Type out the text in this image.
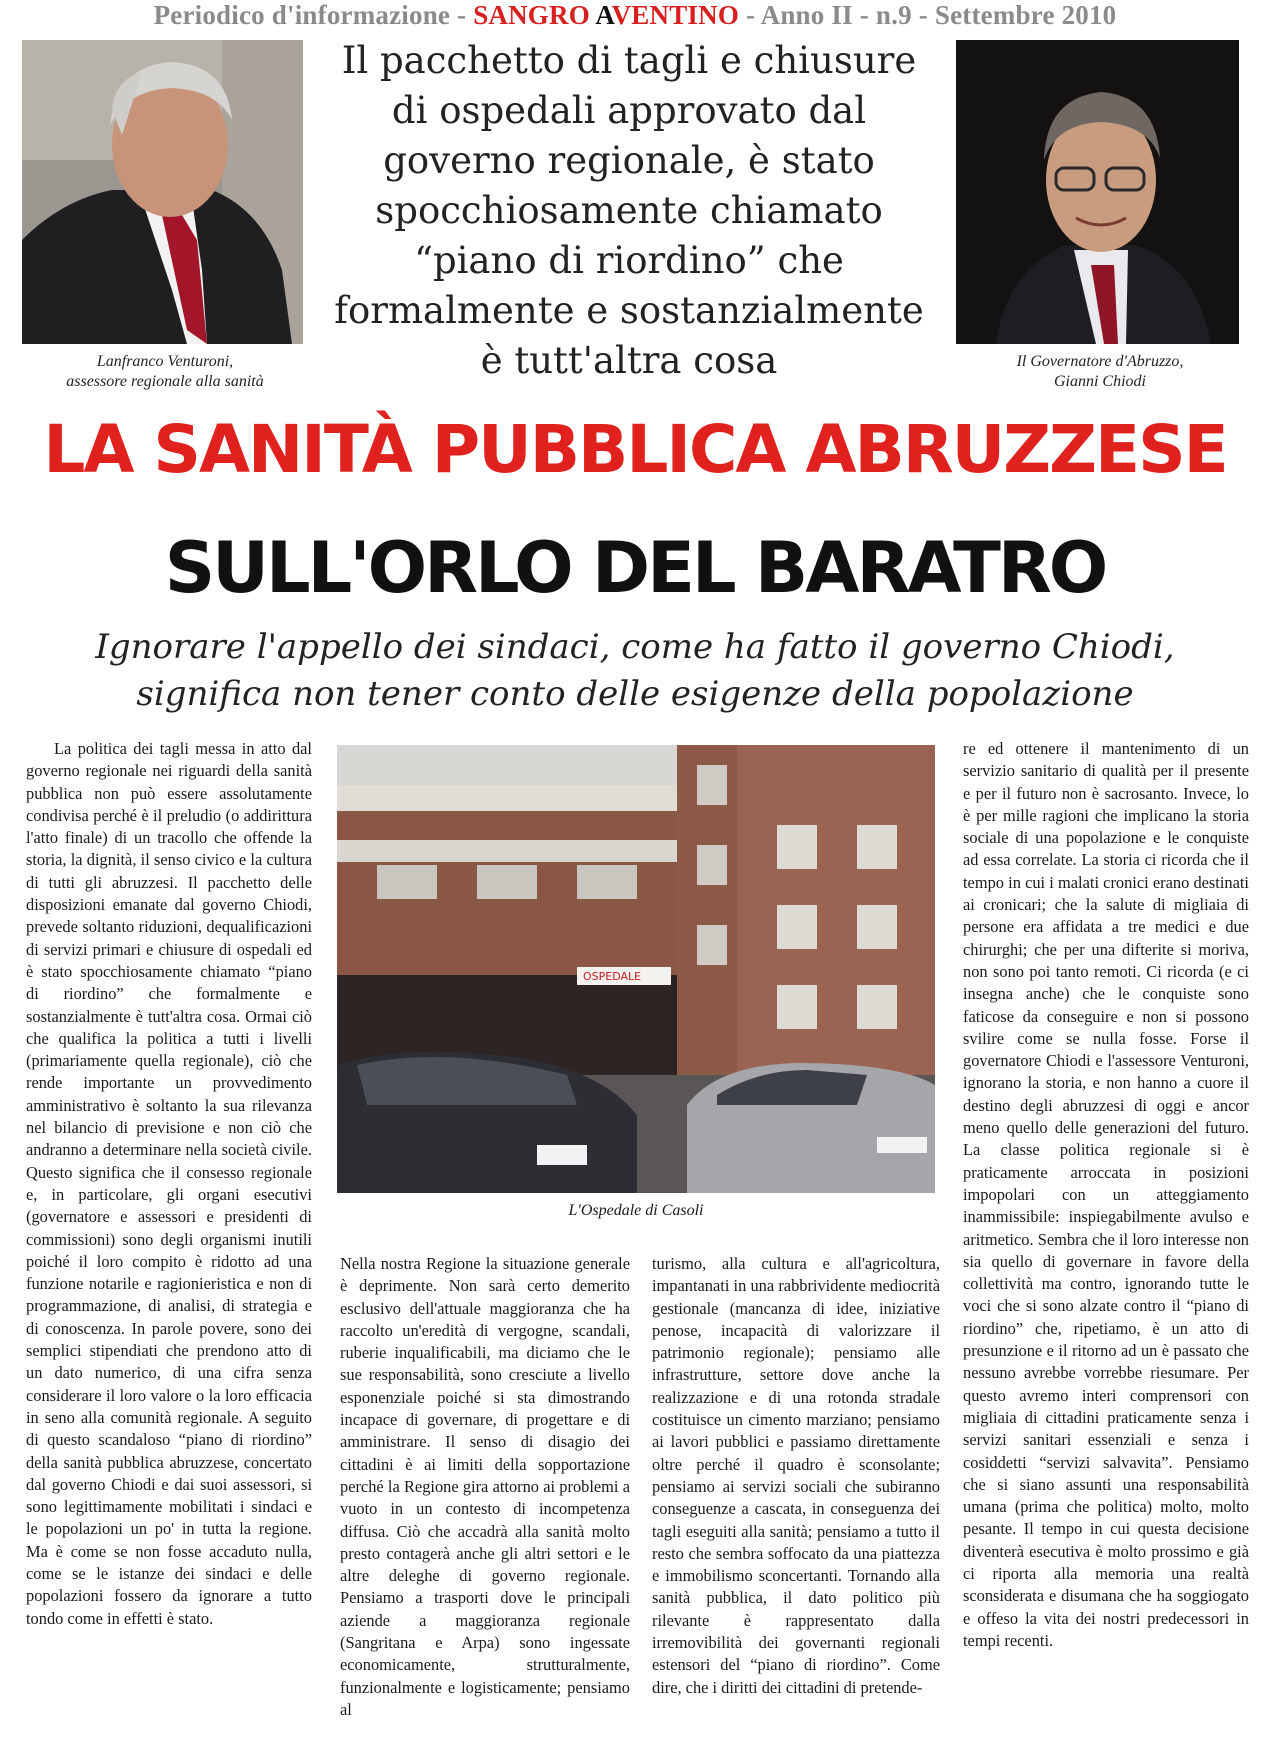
Periodico d'informazione - SANGRO AVENTINO - Anno II - n.9 - Settembre 2010
Lanfranco Venturoni,
assessore regionale alla sanità
Il pacchetto di tagli e chiusure
di ospedali approvato dal
governo regionale, è stato
spocchiosamente chiamato
“piano di riordino” che
formalmente e sostanzialmente
è tutt'altra cosa	Il Governatore d'Abruzzo,
Gianni Chiodi
LA SANITÀ PUBBLICA ABRUZZESE
SULL'ORLO DEL BARATRO
Ignorare l'appello dei sindaci, come ha fatto il governo Chiodi,
significa non tener conto delle esigenze della popolazione

La politica dei tagli messa in atto dal governo regionale nei riguardi della sanità pubblica non può essere assolutamente condivisa perché è il preludio (o addirittura l'atto finale) di un tracollo che offende la storia, la dignità, il senso civico e la cultura di tutti gli abruzzesi. Il pacchetto delle disposizioni emanate dal governo Chiodi, prevede soltanto riduzioni, dequalificazioni di servizi primari e chiusure di ospedali ed è stato spocchiosamente chiamato “piano di riordino” che formalmente e sostanzialmente è tutt'altra cosa. Ormai ciò che qualifica la politica a tutti i livelli (primariamente quella regionale), ciò che rende importante un provvedimento amministrativo è soltanto la sua rilevanza nel bilancio di previsione e non ciò che andranno a determinare nella società civile. Questo significa che il consesso regionale e, in particolare, gli organi esecutivi (governatore e assessori e presidenti di commissioni) sono degli organismi inutili poiché il loro compito è ridotto ad una funzione notarile e ragionieristica e non di programmazione, di analisi, di strategia e di conoscenza. In parole povere, sono dei semplici stipendiati che prendono atto di un dato numerico, di una cifra senza considerare il loro valore o la loro efficacia in seno alla comunità regionale. A seguito di questo scandaloso “piano di riordino” della sanità pubblica abruzzese, concertato dal governo Chiodi e dai suoi assessori, si sono legittimamente mobilitati i sindaci e le popolazioni un po' in tutta la regione. Ma è come se non fosse accaduto nulla, come se le istanze dei sindaci e delle popolazioni fossero da ignorare a tutto tondo come in effetti è stato.

OSPEDALE
L'Ospedale di Casoli

Nella nostra Regione la situazione generale è deprimente. Non sarà certo demerito esclusivo dell'attuale maggioranza che ha raccolto un'eredità di vergogne, scandali, ruberie inqualificabili, ma diciamo che le sue responsabilità, sono cresciute a livello esponenziale poiché si sta dimostrando incapace di governare, di progettare e di amministrare. Il senso di disagio dei cittadini è ai limiti della sopportazione perché la Regione gira attorno ai problemi a vuoto in un contesto di incompetenza diffusa. Ciò che accadrà alla sanità molto presto contagerà anche gli altri settori e le altre deleghe di governo regionale. Pensiamo a trasporti dove le principali aziende a maggioranza regionale (Sangritana e Arpa) sono ingessate economicamente, strutturalmente, funzionalmente e logisticamente; pensiamo al

turismo, alla cultura e all'agricoltura, impantanati in una rabbrividente mediocrità gestionale (mancanza di idee, iniziative penose, incapacità di valorizzare il patrimonio regionale); pensiamo alle infrastrutture, settore dove anche la realizzazione e di una rotonda stradale costituisce un cimento marziano; pensiamo ai lavori pubblici e passiamo direttamente oltre perché il quadro è sconsolante; pensiamo ai servizi sociali che subiranno conseguenze a cascata, in conseguenza dei tagli eseguiti alla sanità; pensiamo a tutto il resto che sembra soffocato da una piattezza e immobilismo sconcertanti. Tornando alla sanità pubblica, il dato politico più rilevante è rappresentato dalla irremovibilità dei governanti regionali estensori del “piano di riordino”. Come dire, che i diritti dei cittadini di pretende-

re ed ottenere il mantenimento di un servizio sanitario di qualità per il presente e per il futuro non è sacrosanto. Invece, lo è per mille ragioni che implicano la storia sociale di una popolazione e le conquiste ad essa correlate. La storia ci ricorda che il tempo in cui i malati cronici erano destinati ai cronicari; che la salute di migliaia di persone era affidata a tre medici e due chirurghi; che per una difterite si moriva, non sono poi tanto remoti. Ci ricorda (e ci insegna anche) che le conquiste sono faticose da conseguire e non si possono svilire come se nulla fosse. Forse il governatore Chiodi e l'assessore Venturoni, ignorano la storia, e non hanno a cuore il destino degli abruzzesi di oggi e ancor meno quello delle generazioni del futuro. La classe politica regionale si è praticamente arroccata in posizioni impopolari con un atteggiamento inammissibile: inspiegabilmente avulso e aritmetico. Sembra che il loro interesse non sia quello di governare in favore della collettività ma contro, ignorando tutte le voci che si sono alzate contro il “piano di riordino” che, ripetiamo, è un atto di presunzione e il ritorno ad un è passato che nessuno avrebbe vorrebbe riesumare. Per questo avremo interi comprensori con migliaia di cittadini praticamente senza i servizi sanitari essenziali e senza i cosiddetti “servizi salvavita”. Pensiamo che si siano assunti una responsabilità umana (prima che politica) molto, molto pesante. Il tempo in cui questa decisione diventerà esecutiva è molto prossimo e già ci riporta alla memoria una realtà sconsiderata e disumana che ha soggiogato e offeso la vita dei nostri predecessori in tempi recenti.
